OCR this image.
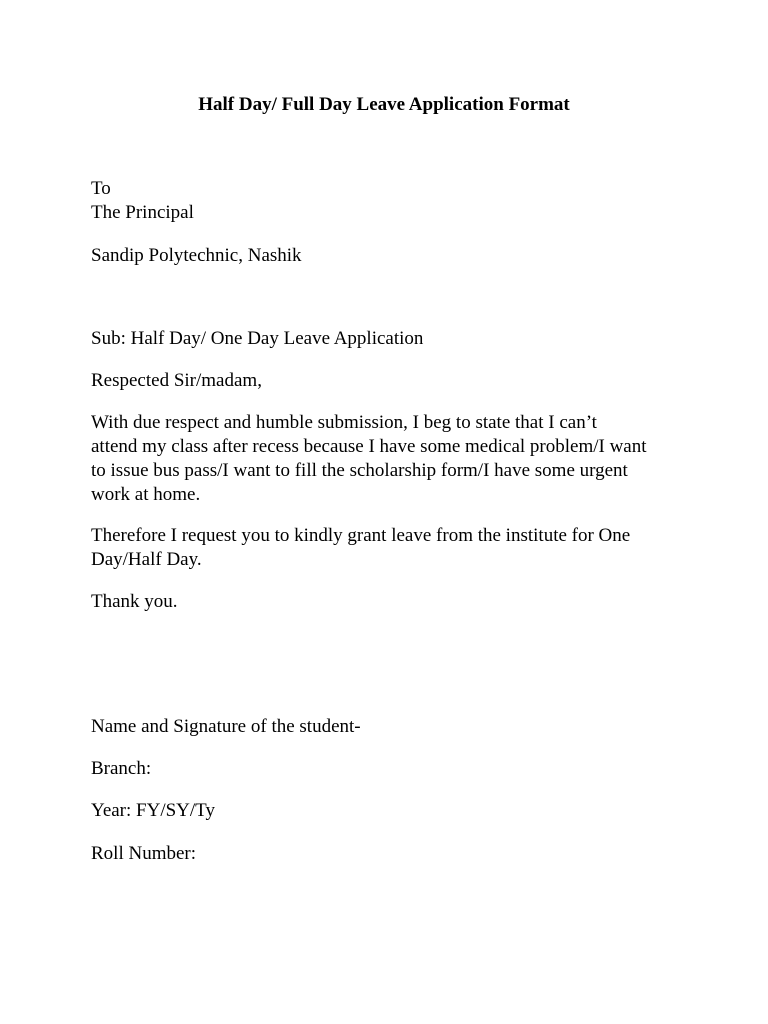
Half Day/ Full Day Leave Application Format
To
The Principal
Sandip Polytechnic, Nashik
Sub: Half Day/ One Day Leave Application
Respected Sir/madam,
With due respect and humble submission, I beg to state that I can’t
attend my class after recess because I have some medical problem/I want
to issue bus pass/I want to fill the scholarship form/I have some urgent
work at home.
Therefore I request you to kindly grant leave from the institute for One
Day/Half Day.
Thank you.
Name and Signature of the student-
Branch:
Year: FY/SY/Ty
Roll Number:
